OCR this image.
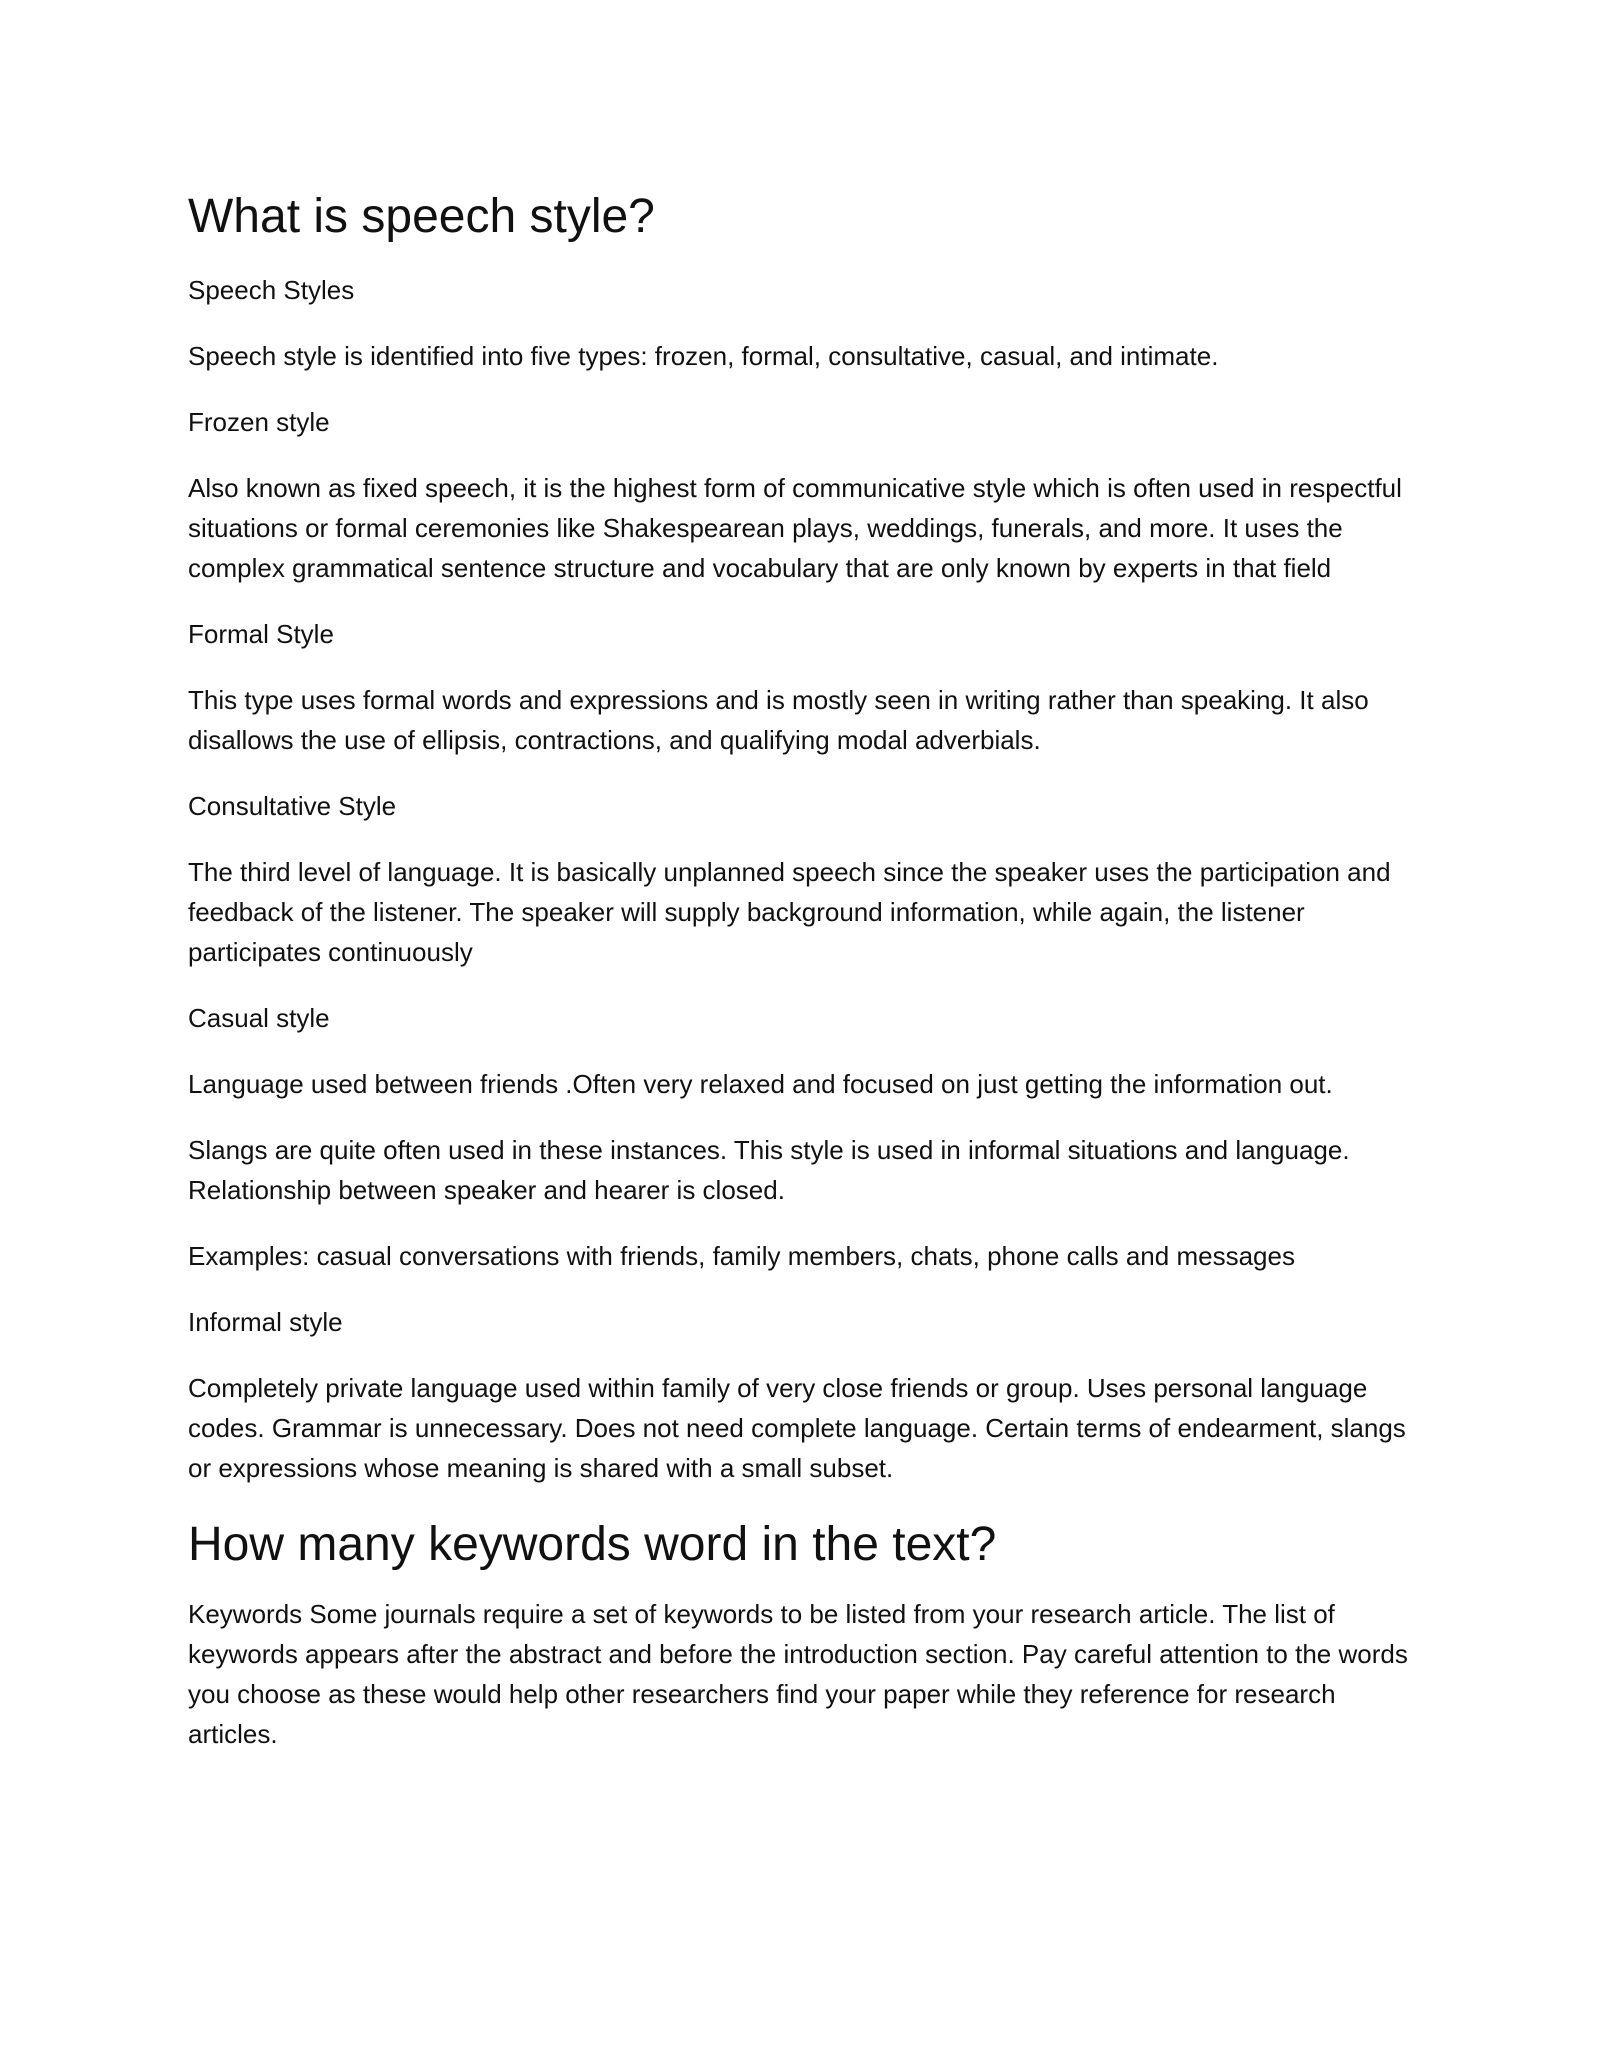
What is speech style?

Speech Styles

Speech style is identified into five types: frozen, formal, consultative, casual, and intimate.

Frozen style

Also known as fixed speech, it is the highest form of communicative style which is often used in respectful situations or formal ceremonies like Shakespearean plays, weddings, funerals, and more. It uses the complex grammatical sentence structure and vocabulary that are only known by experts in that field

Formal Style

This type uses formal words and expressions and is mostly seen in writing rather than speaking. It also disallows the use of ellipsis, contractions, and qualifying modal adverbials.

Consultative Style

The third level of language. It is basically unplanned speech since the speaker uses the participation and feedback of the listener. The speaker will supply background information, while again, the listener participates continuously

Casual style

Language used between friends .Often very relaxed and focused on just getting the information out.

Slangs are quite often used in these instances. This style is used in informal situations and language. Relationship between speaker and hearer is closed.

Examples: casual conversations with friends, family members, chats, phone calls and messages

Informal style

Completely private language used within family of very close friends or group. Uses personal language codes. Grammar is unnecessary. Does not need complete language. Certain terms of endearment, slangs or expressions whose meaning is shared with a small subset.

How many keywords word in the text?

Keywords Some journals require a set of keywords to be listed from your research article. The list of keywords appears after the abstract and before the introduction section. Pay careful attention to the words you choose as these would help other researchers find your paper while they reference for research articles.
